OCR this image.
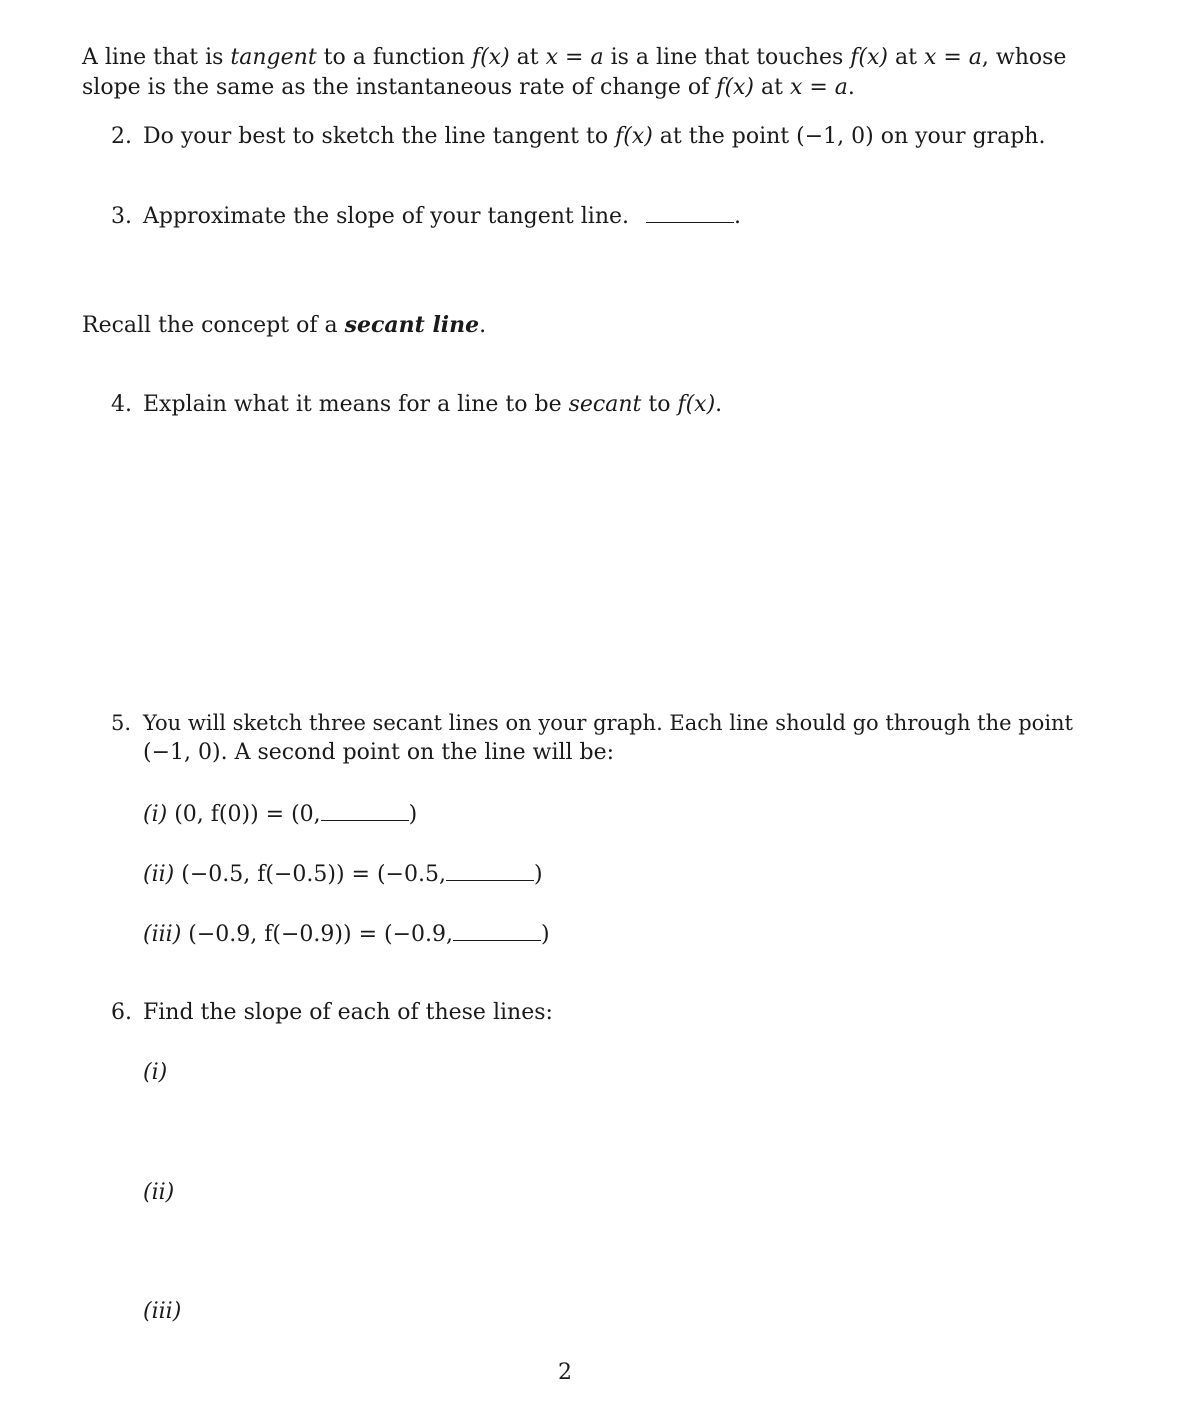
A line that is tangent to a function f(x) at x = a is a line that touches f(x) at x = a, whose
slope is the same as the instantaneous rate of change of f(x) at x = a.
2. Do your best to sketch the line tangent to f(x) at the point (−1, 0) on your graph.
3. Approximate the slope of your tangent line.	.
Recall the concept of a secant line.
4. Explain what it means for a line to be secant to f(x).
5. You will sketch three secant lines on your graph. Each line should go through the point
(−1, 0). A second point on the line will be:
(i) (0, f(0)) = (0,	)
(ii) (−0.5, f(−0.5)) = (−0.5,	)
(iii) (−0.9, f(−0.9)) = (−0.9,	)
6. Find the slope of each of these lines:
(i)
(ii)
(iii)
2
